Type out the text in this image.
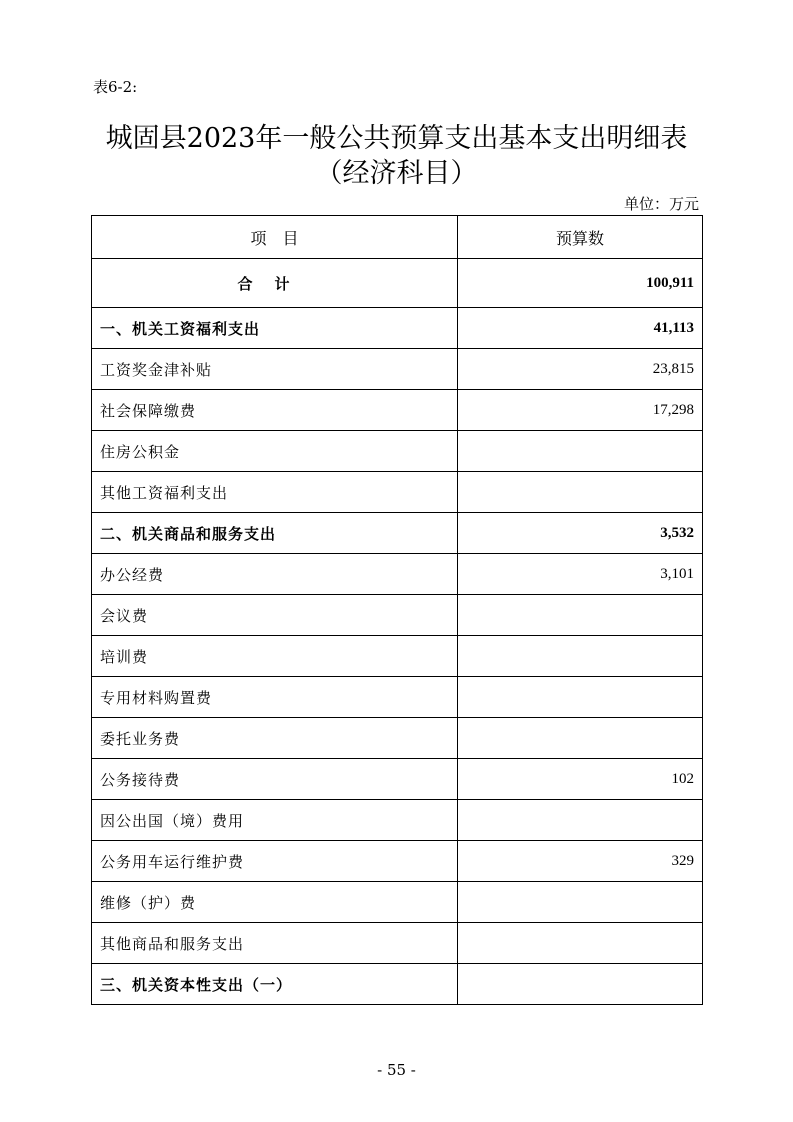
表6-2:
城固县2023年一般公共预算支出基本支出明细表
（经济科目）
单位：万元
项　目	预算数
合计	100,911
一、机关工资福利支出	41,113
工资奖金津补贴	23,815
社会保障缴费	17,298
住房公积金	
其他工资福利支出	
二、机关商品和服务支出	3,532
办公经费	3,101
会议费	
培训费	
专用材料购置费	
委托业务费	
公务接待费	102
因公出国（境）费用	
公务用车运行维护费	329
维修（护）费	
其他商品和服务支出	
三、机关资本性支出（一）	
- 55 -
